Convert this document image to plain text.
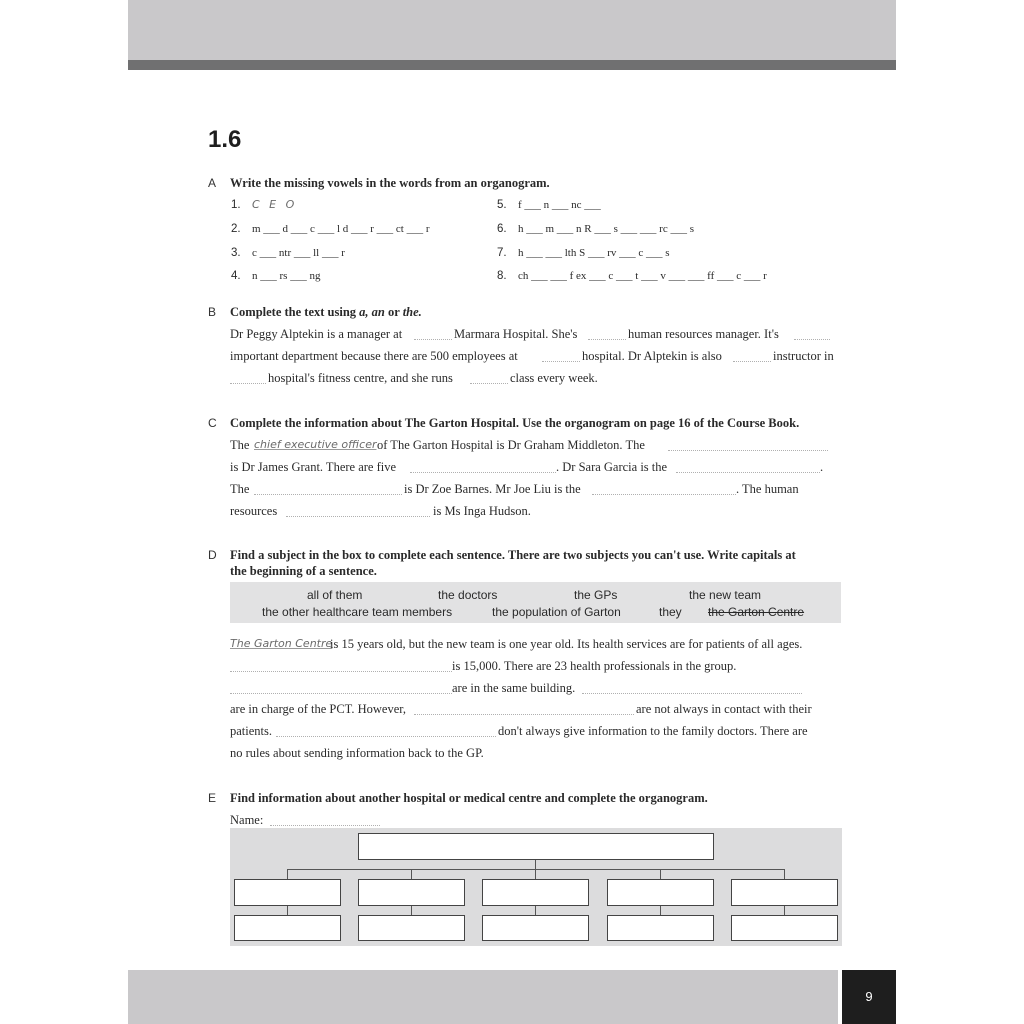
9
1.6
A Write the missing vowels in the words from an organogram.
1. C E O
2. m ___ d ___ c ___ l d ___ r ___ ct ___ r
3. c ___ ntr ___ ll ___ r
4. n ___ rs ___ ng
5. f ___ n ___ nc ___
6. h ___ m ___ n R ___ s ___ ___ rc ___ s
7. h ___ ___ lth S ___ rv ___ c ___ s
8. ch ___ ___ f ex ___ c ___ t ___ v ___ ___ ff ___ c ___ r
B Complete the text using a, an or the.
Dr Peggy Alptekin is a manager at	Marmara Hospital. She's	human resources manager. It's
important department because there are 500 employees at	hospital. Dr Alptekin is also	instructor in
hospital's fitness centre, and she runs	class every week.
C Complete the information about The Garton Hospital. Use the organogram on page 16 of the Course Book.
The chief executive officer of The Garton Hospital is Dr Graham Middleton. The
is Dr James Grant. There are five	. Dr Sara Garcia is the	.
The	is Dr Zoe Barnes. Mr Joe Liu is the	. The human
resources	is Ms Inga Hudson.
D Find a subject in the box to complete each sentence. There are two subjects you can't use. Write capitals at
the beginning of a sentence.
all of them	the doctors	the GPs	the new team
the other healthcare team members	the population of Garton	they the Garton Centre
The Garton Centre
is 15 years old, but the new team is one year old. Its health services are for patients of all ages.
is 15,000. There are 23 health professionals in the group.
are in the same building.
are in charge of the PCT. However,	are not always in contact with their
patients.	don't always give information to the family doctors. There are
no rules about sending information back to the GP.
E Find information about another hospital or medical centre and complete the organogram.
Name:
